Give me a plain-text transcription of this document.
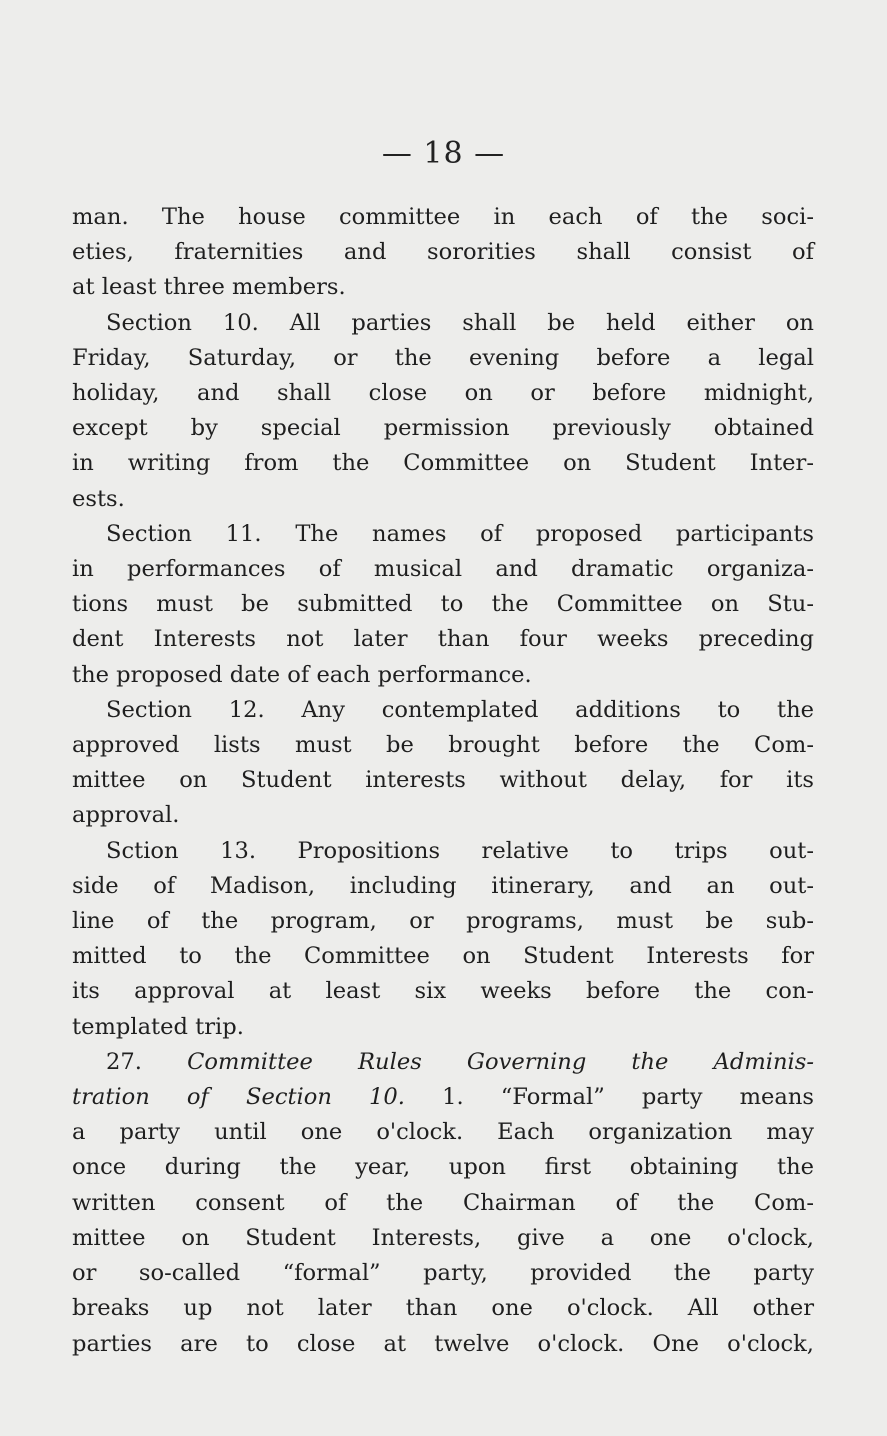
— 18 —
man. The house committee in each of the soci-
eties, fraternities and sororities shall consist of
at least three members.
Section 10. All parties shall be held either on
Friday, Saturday, or the evening before a legal
holiday, and shall close on or before midnight,
except by special permission previously obtained
in writing from the Committee on Student Inter-
ests.
Section 11. The names of proposed participants
in performances of musical and dramatic organiza-
tions must be submitted to the Committee on Stu-
dent Interests not later than four weeks preceding
the proposed date of each performance.
Section 12. Any contemplated additions to the
approved lists must be brought before the Com-
mittee on Student interests without delay, for its
approval.
Sction 13. Propositions relative to trips out-
side of Madison, including itinerary, and an out-
line of the program, or programs, must be sub-
mitted to the Committee on Student Interests for
its approval at least six weeks before the con-
templated trip.
27. Committee Rules Governing the Adminis-
tration of Section 10. 1. “Formal” party means
a party until one o'clock. Each organization may
once during the year, upon first obtaining the
written consent of the Chairman of the Com-
mittee on Student Interests, give a one o'clock,
or so-called “formal” party, provided the party
breaks up not later than one o'clock. All other
parties are to close at twelve o'clock. One o'clock,
